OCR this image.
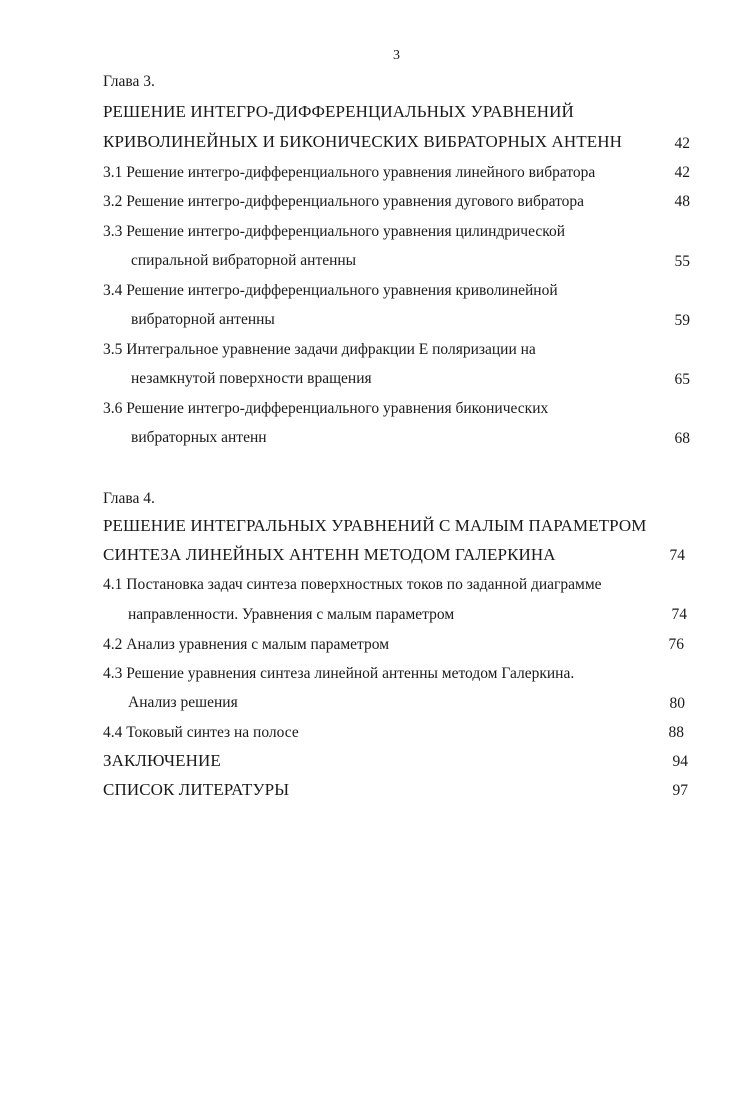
3
Глава 3.
РЕШЕНИЕ ИНТЕГРО-ДИФФЕРЕНЦИАЛЬНЫХ УРАВНЕНИЙ
КРИВОЛИНЕЙНЫХ И БИКОНИЧЕСКИХ ВИБРАТОРНЫХ АНТЕНН	42
3.1 Решение интегро-дифференциального уравнения линейного вибратора	42
3.2 Решение интегро-дифференциального уравнения дугового вибратора	48
3.3 Решение интегро-дифференциального уравнения цилиндрической
спиральной вибраторной антенны	55
3.4 Решение интегро-дифференциального уравнения криволинейной
вибраторной антенны	59
3.5 Интегральное уравнение задачи дифракции Е поляризации на
незамкнутой поверхности вращения	65
3.6 Решение интегро-дифференциального уравнения биконических
вибраторных антенн	68
Глава 4.
РЕШЕНИЕ ИНТЕГРАЛЬНЫХ УРАВНЕНИЙ С МАЛЫМ ПАРАМЕТРОМ
СИНТЕЗА ЛИНЕЙНЫХ АНТЕНН МЕТОДОМ ГАЛЕРКИНА	74
4.1 Постановка задач синтеза поверхностных токов по заданной диаграмме
направленности. Уравнения с малым параметром	74
4.2 Анализ уравнения с малым параметром	76
4.3 Решение уравнения синтеза линейной антенны методом Галеркина.
Анализ решения	80
4.4 Токовый синтез на полосе	88
ЗАКЛЮЧЕНИЕ	94
СПИСОК ЛИТЕРАТУРЫ	97
